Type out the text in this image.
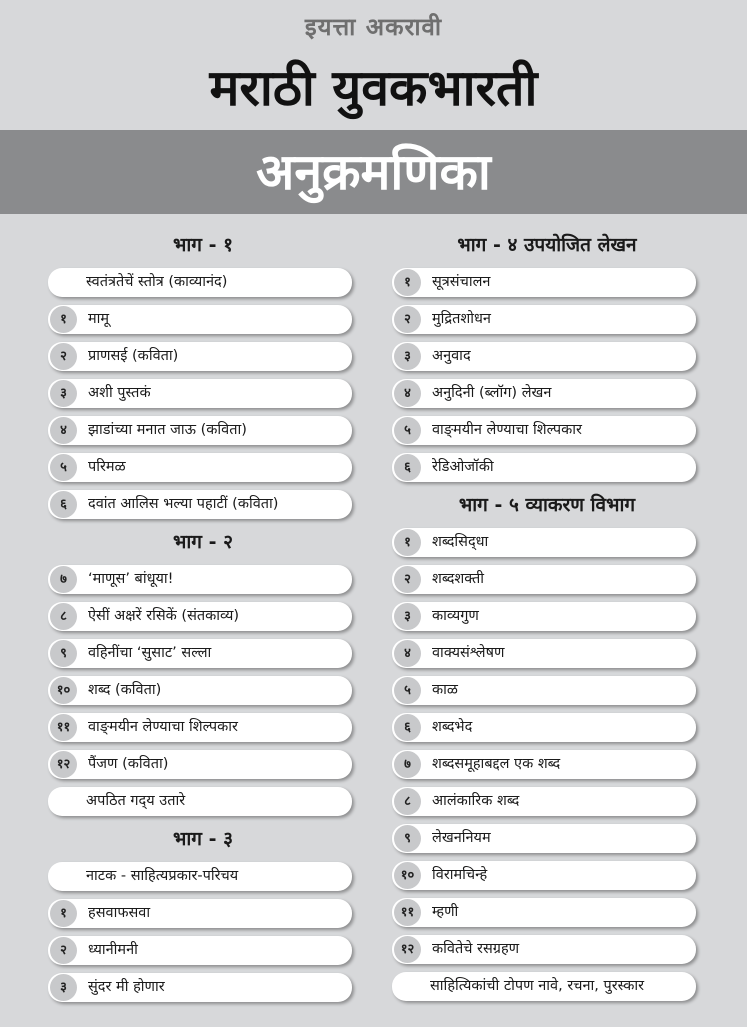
इयत्ता अकरावी
मराठी युवकभारती
अनुक्रमणिका
भाग - १
स्वतंत्रतेचें स्तोत्र (काव्यानंद)
१	मामू
२	प्राणसई (कविता)
३	अशी पुस्तकं
४	झाडांच्या मनात जाऊ (कविता)
५	परिमळ
६	दवांत आलिस भल्या पहाटीं (कविता)
भाग - २
७	‘माणूस’ बांधूया!
८	ऐसीं अक्षरें रसिकें (संतकाव्य)
९	वहिनींचा ‘सुसाट’ सल्ला
१०	शब्द (कविता)
११	वाङ्‌मयीन लेण्याचा शिल्पकार
१२	पैंजण (कविता)
अपठित गद्‌य उतारे
भाग - ३
नाटक - साहित्यप्रकार-परिचय
१	हसवाफसवा
२	ध्यानीमनी
३	सुंदर मी होणार
भाग - ४ उपयोजित लेखन
१	सूत्रसंचालन
२	मुद्रितशोधन
३	अनुवाद
४	अनुदिनी (ब्लॉग) लेखन
५	वाङ्‌मयीन लेण्याचा शिल्पकार
६	रेडिओजॉकी
भाग - ५ व्याकरण विभाग
१	शब्दसिद्‌धा
२	शब्दशक्ती
३	काव्यगुण
४	वाक्यसंश्लेषण
५	काळ
६	शब्दभेद
७	शब्दसमूहाबद्दल एक शब्द
८	आलंकारिक शब्द
९	लेखननियम
१०	विरामचिन्हे
११	म्हणी
१२	कवितेचे रसग्रहण
साहित्यिकांची टोपण नावे, रचना, पुरस्कार
